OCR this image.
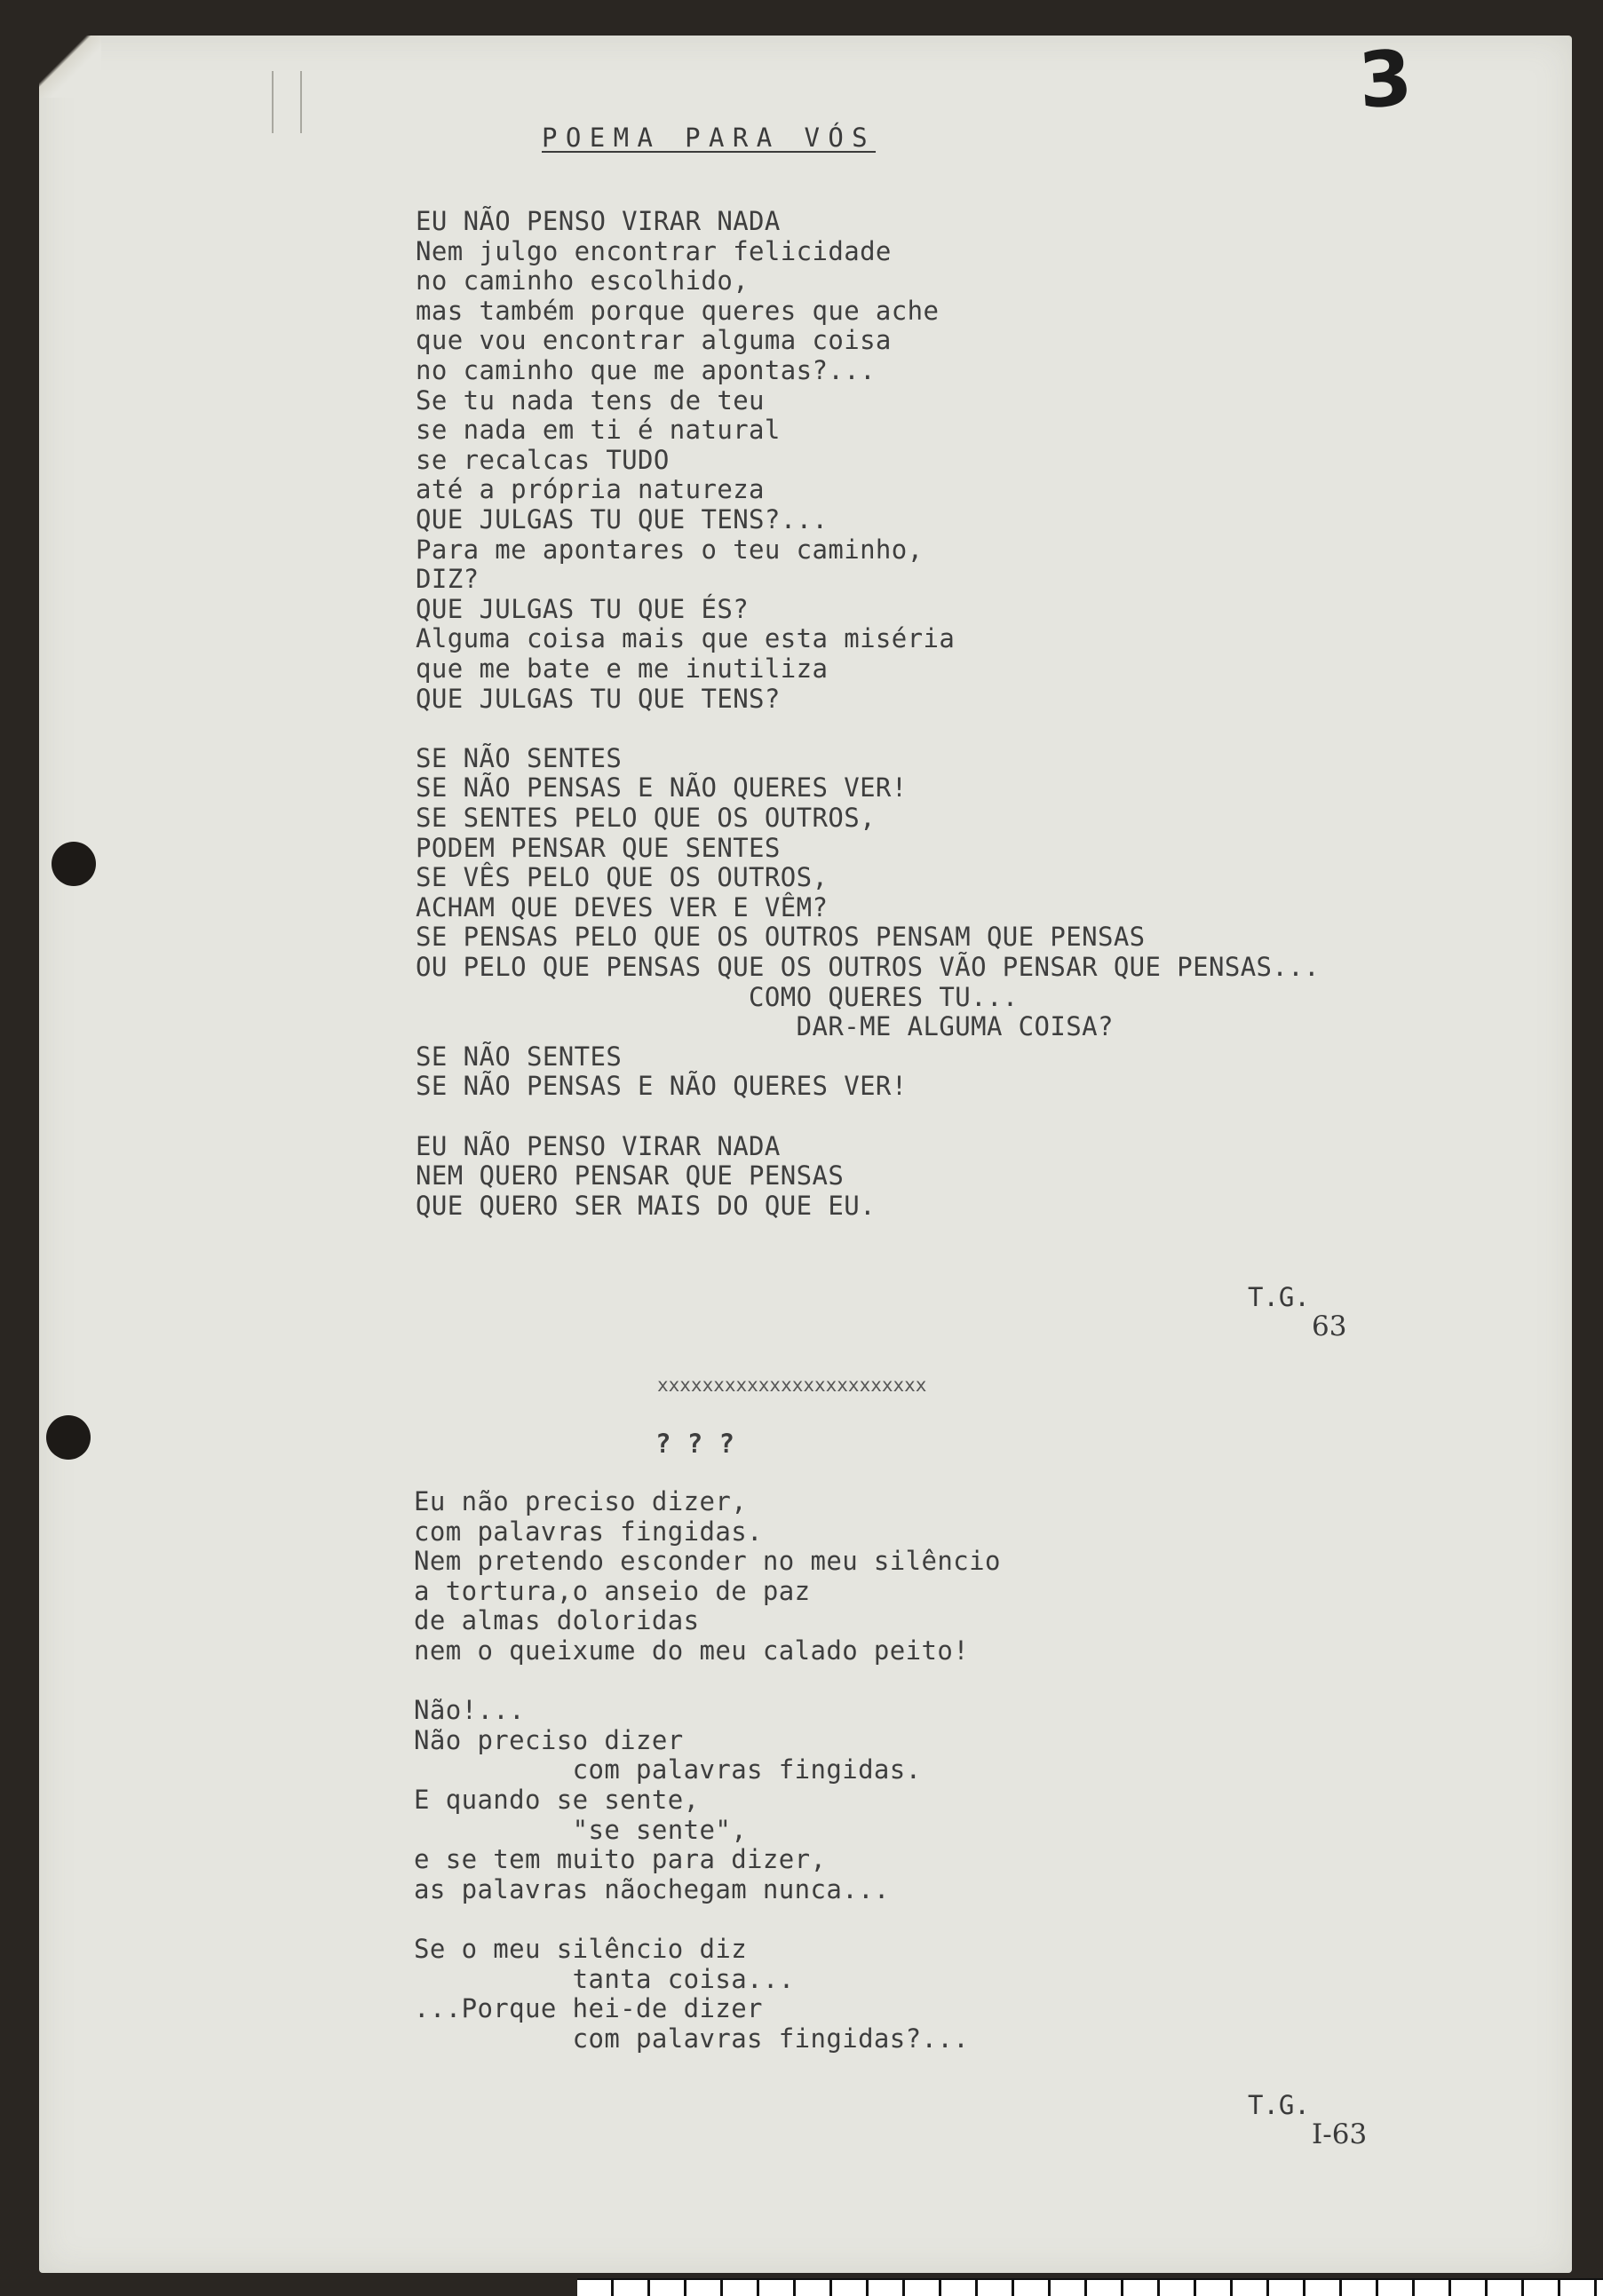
3
POEMA PARA VÓS
EU NÃO PENSO VIRAR NADA
Nem julgo encontrar felicidade
no caminho escolhido,
mas também porque queres que ache
que vou encontrar alguma coisa
no caminho que me apontas?...
Se tu nada tens de teu
se nada em ti é natural
se recalcas TUDO
até a própria natureza
QUE JULGAS TU QUE TENS?...
Para me apontares o teu caminho,
DIZ?
QUE JULGAS TU QUE ÉS?
Alguma coisa mais que esta miséria
que me bate e me inutiliza
QUE JULGAS TU QUE TENS?
SE NÃO SENTES
SE NÃO PENSAS E NÃO QUERES VER!
SE SENTES PELO QUE OS OUTROS,
PODEM PENSAR QUE SENTES
SE VÊS PELO QUE OS OUTROS,
ACHAM QUE DEVES VER E VÊM?
SE PENSAS PELO QUE OS OUTROS PENSAM QUE PENSAS
OU PELO QUE PENSAS QUE OS OUTROS VÃO PENSAR QUE PENSAS...
COMO QUERES TU...
DAR-ME ALGUMA COISA?
SE NÃO SENTES
SE NÃO PENSAS E NÃO QUERES VER!
EU NÃO PENSO VIRAR NADA
NEM QUERO PENSAR QUE PENSAS
QUE QUERO SER MAIS DO QUE EU.
T.G.
63
xxxxxxxxxxxxxxxxxxxxxxxx
? ? ?
Eu não preciso dizer,
com palavras fingidas.
Nem pretendo esconder no meu silêncio
a tortura,o anseio de paz
de almas doloridas
nem o queixume do meu calado peito!
Não!...
Não preciso dizer
com palavras fingidas.
E quando se sente,
"se sente",
e se tem muito para dizer,
as palavras nãochegam nunca...
Se o meu silêncio diz
tanta coisa...
...Porque hei-de dizer
com palavras fingidas?...
T.G.
I-63
